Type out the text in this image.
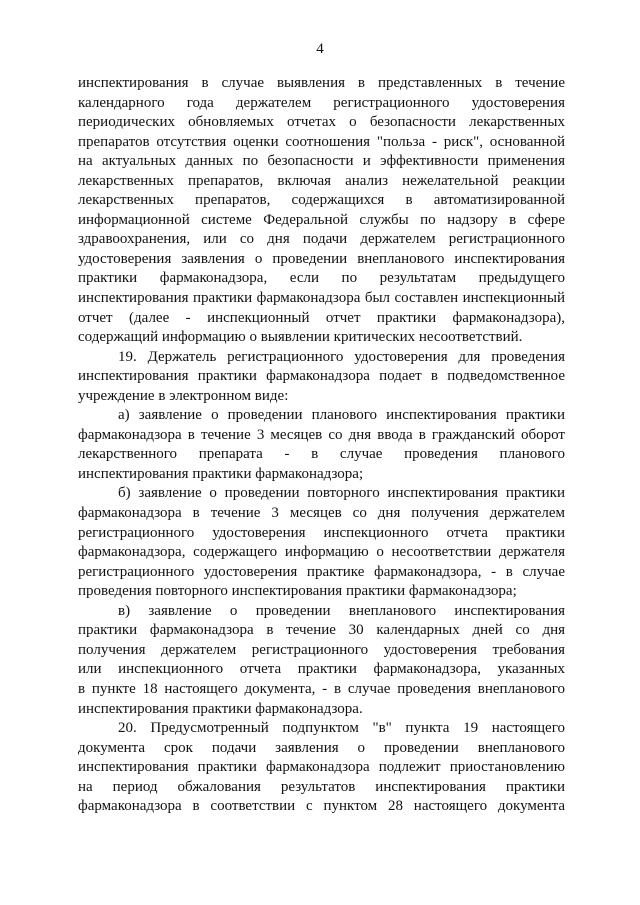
4
инспектирования в случае выявления в представленных в течение
календарного года держателем регистрационного удостоверения
периодических обновляемых отчетах о безопасности лекарственных
препаратов отсутствия оценки соотношения "польза - риск", основанной
на актуальных данных по безопасности и эффективности применения
лекарственных препаратов, включая анализ нежелательной реакции
лекарственных препаратов, содержащихся в автоматизированной
информационной системе Федеральной службы по надзору в сфере
здравоохранения, или со дня подачи держателем регистрационного
удостоверения заявления о проведении внепланового инспектирования
практики фармаконадзора, если по результатам предыдущего
инспектирования практики фармаконадзора был составлен инспекционный
отчет (далее - инспекционный отчет практики фармаконадзора),
содержащий информацию о выявлении критических несоответствий.
19. Держатель регистрационного удостоверения для проведения
инспектирования практики фармаконадзора подает в подведомственное
учреждение в электронном виде:
а) заявление о проведении планового инспектирования практики
фармаконадзора в течение 3 месяцев со дня ввода в гражданский оборот
лекарственного препарата - в случае проведения планового
инспектирования практики фармаконадзора;
б) заявление о проведении повторного инспектирования практики
фармаконадзора в течение 3 месяцев со дня получения держателем
регистрационного удостоверения инспекционного отчета практики
фармаконадзора, содержащего информацию о несоответствии держателя
регистрационного удостоверения практике фармаконадзора, - в случае
проведения повторного инспектирования практики фармаконадзора;
в) заявление о проведении внепланового инспектирования
практики фармаконадзора в течение 30 календарных дней со дня
получения держателем регистрационного удостоверения требования
или инспекционного отчета практики фармаконадзора, указанных
в пункте 18 настоящего документа, - в случае проведения внепланового
инспектирования практики фармаконадзора.
20. Предусмотренный подпунктом "в" пункта 19 настоящего
документа срок подачи заявления о проведении внепланового
инспектирования практики фармаконадзора подлежит приостановлению
на период обжалования результатов инспектирования практики
фармаконадзора в соответствии с пунктом 28 настоящего документа
